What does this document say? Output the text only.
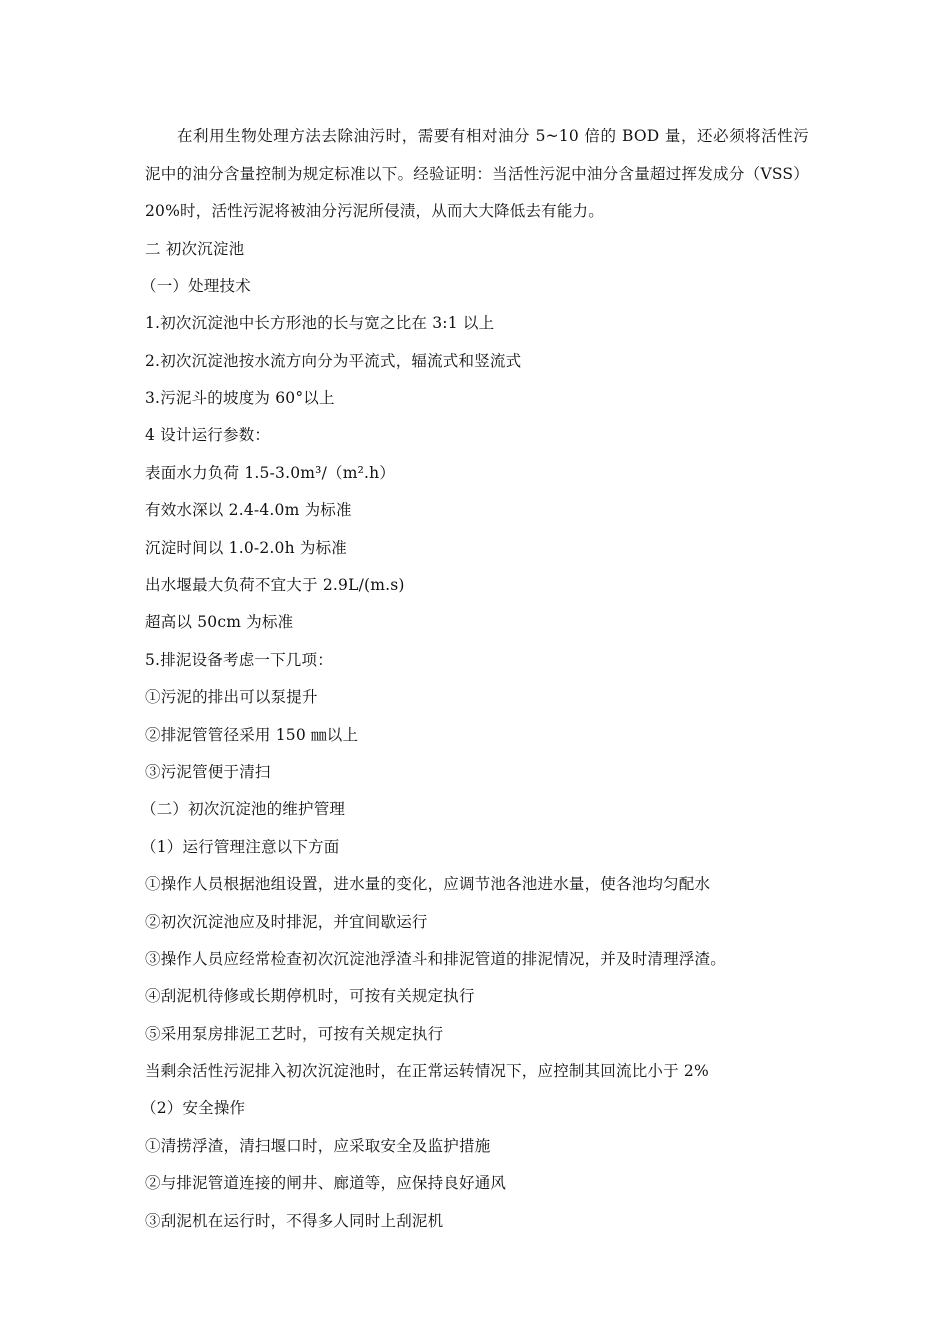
在利用生物处理方法去除油污时，需要有相对油分 5~10 倍的 BOD 量，还必须将活性污泥中的油分含量控制为规定标准以下。经验证明：当活性污泥中油分含量超过挥发成分（VSS）20%时，活性污泥将被油分污泥所侵渍，从而大大降低去有能力。

二 初次沉淀池

（一）处理技术

1.初次沉淀池中长方形池的长与宽之比在 3:1 以上

2.初次沉淀池按水流方向分为平流式，辐流式和竖流式

3.污泥斗的坡度为 60°以上

4 设计运行参数：

表面水力负荷 1.5-3.0m³/（m².h）

有效水深以 2.4-4.0m 为标准

沉淀时间以 1.0-2.0h 为标准

出水堰最大负荷不宜大于 2.9L/(m.s)

超高以 50cm 为标准

5.排泥设备考虑一下几项：

①污泥的排出可以泵提升

②排泥管管径采用 150 ㎜以上

③污泥管便于清扫

（二）初次沉淀池的维护管理

（1）运行管理注意以下方面

①操作人员根据池组设置，进水量的变化，应调节池各池进水量，使各池均匀配水

②初次沉淀池应及时排泥，并宜间歇运行

③操作人员应经常检查初次沉淀池浮渣斗和排泥管道的排泥情况，并及时清理浮渣。

④刮泥机待修或长期停机时，可按有关规定执行

⑤采用泵房排泥工艺时，可按有关规定执行

当剩余活性污泥排入初次沉淀池时，在正常运转情况下，应控制其回流比小于 2%

（2）安全操作

①清捞浮渣，清扫堰口时，应采取安全及监护措施

②与排泥管道连接的闸井、廊道等，应保持良好通风

③刮泥机在运行时，不得多人同时上刮泥机
